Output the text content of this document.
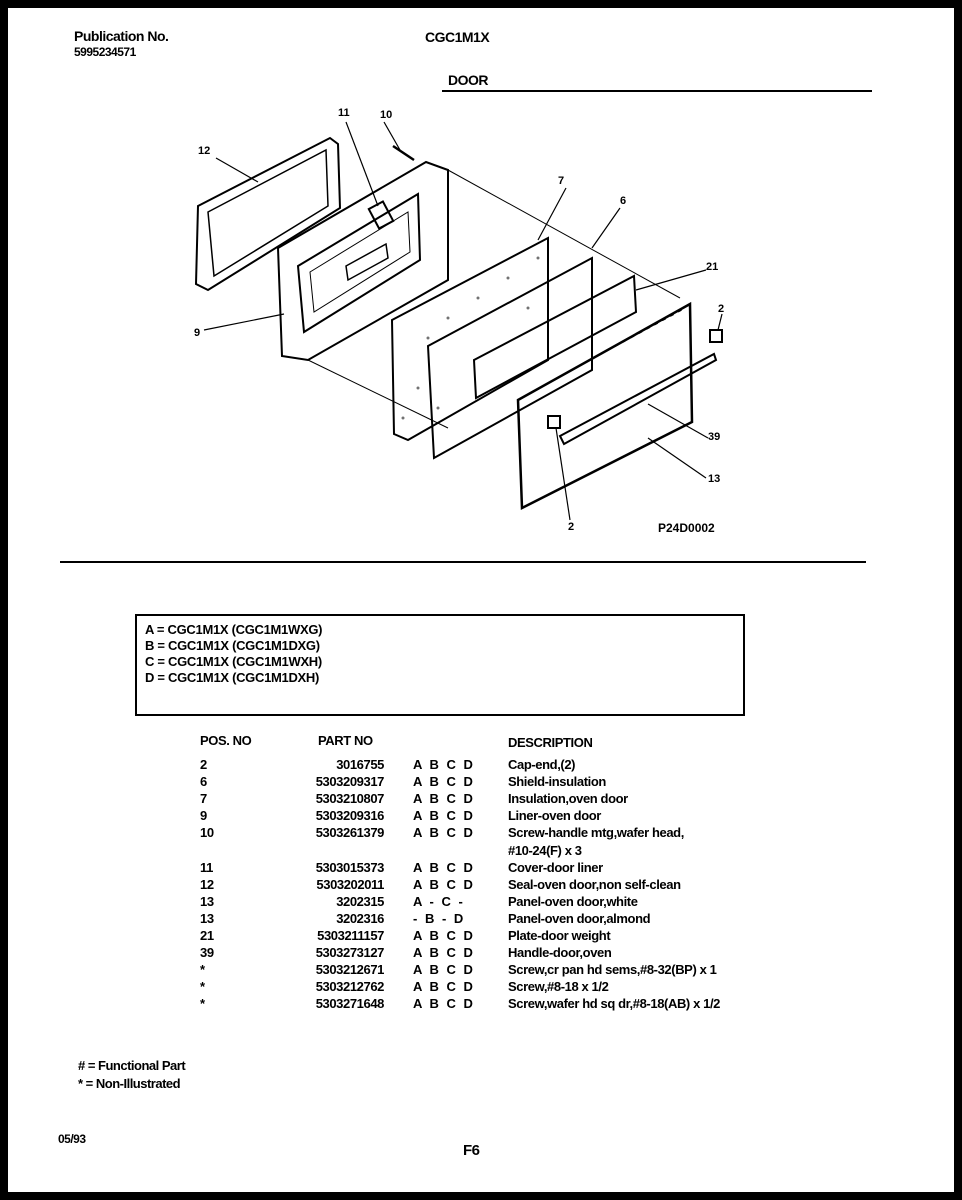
Publication No.
5995234571
CGC1M1X
DOOR
11	10
12
7
6
21
2
9
39
13
2	P24D0002
A = CGC1M1X (CGC1M1WXG)
B = CGC1M1X (CGC1M1DXG)
C = CGC1M1X (CGC1M1WXH)
D = CGC1M1X (CGC1M1DXH)
POS. NO	PART NO	DESCRIPTION
2	3016755 A B C D	Cap-end,(2)
6	5303209317 A B C D	Shield-insulation
7	5303210807 A B C D	Insulation,oven door
9	5303209316 A B C D	Liner-oven door
10	5303261379 A B C D	Screw-handle mtg,wafer head,
#10-24(F) x 3
11	5303015373 A B C D	Cover-door liner
12	5303202011 A B C D	Seal-oven door,non self-clean
13	3202315 A - C -	Panel-oven door,white
13	3202316 - B - D	Panel-oven door,almond
21	5303211157 A B C D	Plate-door weight
39	5303273127 A B C D	Handle-door,oven
*	5303212671 A B C D	Screw,cr pan hd sems,#8-32(BP) x 1
*	5303212762 A B C D	Screw,#8-18 x 1/2
*	5303271648 A B C D	Screw,wafer hd sq dr,#8-18(AB) x 1/2
# = Functional Part
* = Non-Illustrated
05/93
F6
